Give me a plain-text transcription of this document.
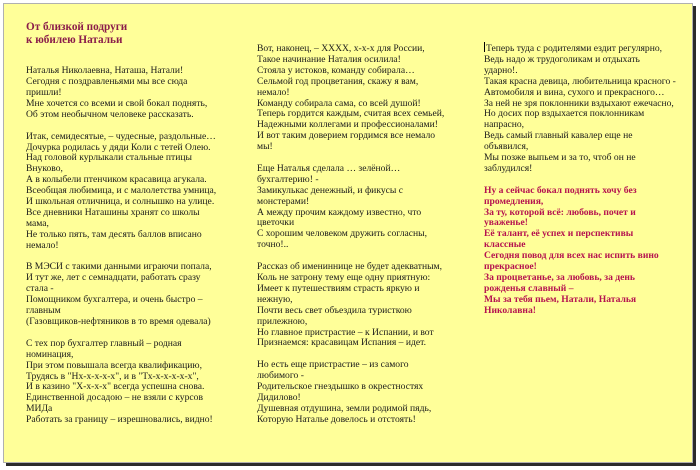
От близкой подруги
к юбилею Натальи
Наталья Николаевна, Наташа, Натали!
Сегодня с поздравленьями мы все сюда
пришли!
Мне хочется со всеми и свой бокал поднять,
Об этом необычном человеке рассказать.
Итак, семидесятые, – чудесные, раздольные…
Дочурка родилась у дяди Коли с тетей Олею.
Над головой курлыкали стальные птицы
Внуково,
А в колыбели птенчиком красавица агукала.
Всеобщая любимица, и с малолетства умница,
И школьная отличница, и солнышко на улице.
Все дневники Наташины хранят со школы
мама,
Не только пять, там десять баллов вписано
немало!
В МЭСИ с такими данными играючи попала,
И тут же, лет с семнадцати, работать сразу
стала -
Помощником бухгалтера, и очень быстро –
главным
(Газовщиков-нефтяников в то время одевала)
С тех пор бухгалтер главный – родная
номинация,
При этом повышала всегда квалификацию,
Трудясь в "Нх-х-х-х-х", и в "Тх-х-х-х-х-х",
И в казино "Х-х-х-х" всегда успешна снова.
Единственной досадою – не взяли с курсов
МИДа
Работать за границу – изрешновались, видно!
Вот, наконец, – ХХХХ, х-х-х для России,
Такое начинание Наталия осилила!
Стояла у истоков, команду собирала…
Сельмой год процветания, скажу я вам,
немало!
Команду собирала сама, со всей душой!
Теперь гордится каждым, считая всех семьей,
Надежными коллегами и профессионалами!
И вот таким доверием гордимся все немало
мы!
Еще Наталья сделала … зелёной…
бухгалтерию! -
Замикулькас денежный, и фикусы с
монстерами!
А между прочим каждому известно, что
цветочки
С хорошим человеком дружить согласны,
точно!..
Рассказ об имениннице не будет адекватным,
Коль не затрону тему еще одну приятную:
Имеет к путешествиям страсть яркую и
нежную,
Почти весь свет объездила туристкою
прилежною,
Но главное пристрастие – к Испании, и вот
Признаемся: красавицам Испания – идет.
Но есть еще пристрастие – из самого
любимого -
Родительское гнездышко в окрестностях
Дидилово!
Душевная отдушина, земли родимой пядь,
Которую Наталье довелось и отстоять!
Теперь туда с родителями ездит регулярно,
Ведь надо ж трудоголикам и отдыхать
ударно!.
Такая красна девица, любительница красного -
Автомобиля и вина, сухого и прекрасного…
За ней не зря поклонники вздыхают ежечасно,
Но досих пор вздыхается поклонникам
напрасно,
Ведь самый главный кавалер еще не
объявился,
Мы позже выпьем и за то, чтоб он не
заблудился!
Ну а сейчас бокал поднять хочу без
промедления,
За ту, которой всё: любовь, почет и
уваженье!
Её талант, её успех и перспективы
классные
Сегодня повод для всех нас испить вино
прекрасное!
За процветанье, за любовь, за день
рожденья славный –
Мы за тебя пьем, Натали, Наталья
Николавна!
